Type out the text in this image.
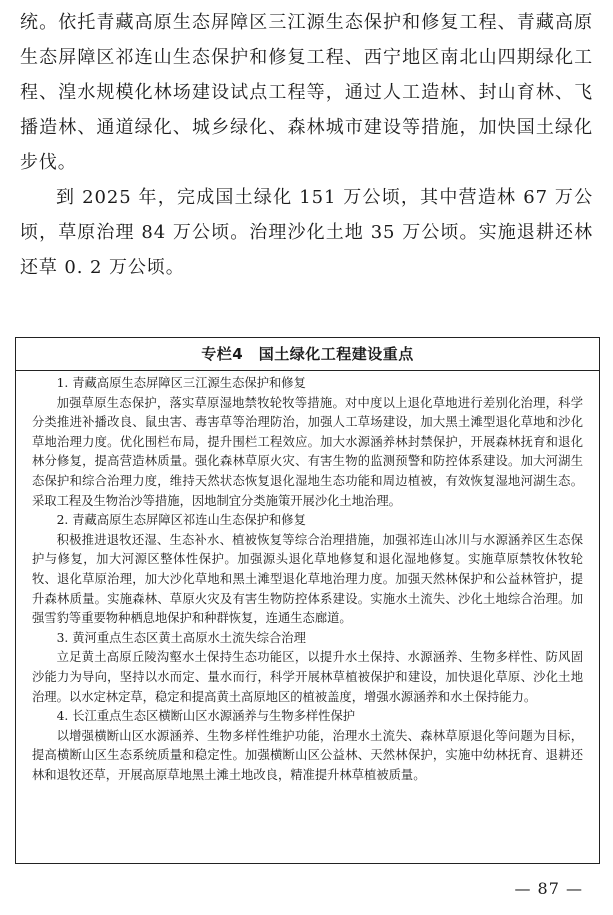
统。依托青藏高原生态屏障区三江源生态保护和修复工程、青藏高原生态屏障区祁连山生态保护和修复工程、西宁地区南北山四期绿化工程、湟水规模化林场建设试点工程等，通过人工造林、封山育林、飞播造林、通道绿化、城乡绿化、森林城市建设等措施，加快国土绿化步伐。

到 2025 年，完成国土绿化 151 万公顷，其中营造林 67 万公顷，草原治理 84 万公顷。治理沙化土地 35 万公顷。实施退耕还林还草 0. 2 万公顷。

专栏4　国土绿化工程建设重点

1. 青藏高原生态屏障区三江源生态保护和修复

加强草原生态保护，落实草原湿地禁牧轮牧等措施。对中度以上退化草地进行差别化治理，科学分类推进补播改良、鼠虫害、毒害草等治理防治，加强人工草场建设，加大黑土滩型退化草地和沙化草地治理力度。优化围栏布局，提升围栏工程效应。加大水源涵养林封禁保护，开展森林抚育和退化林分修复，提高营造林质量。强化森林草原火灾、有害生物的监测预警和防控体系建设。加大河湖生态保护和综合治理力度，维持天然状态恢复退化湿地生态功能和周边植被，有效恢复湿地河湖生态。采取工程及生物治沙等措施，因地制宜分类施策开展沙化土地治理。

2. 青藏高原生态屏障区祁连山生态保护和修复

积极推进退牧还湿、生态补水、植被恢复等综合治理措施，加强祁连山冰川与水源涵养区生态保护与修复，加大河源区整体性保护。加强源头退化草地修复和退化湿地修复。实施草原禁牧休牧轮牧、退化草原治理，加大沙化草地和黑土滩型退化草地治理力度。加强天然林保护和公益林管护，提升森林质量。实施森林、草原火灾及有害生物防控体系建设。实施水土流失、沙化土地综合治理。加强雪豹等重要物种栖息地保护和种群恢复，连通生态廊道。

3. 黄河重点生态区黄土高原水土流失综合治理

立足黄土高原丘陵沟壑水土保持生态功能区，以提升水土保持、水源涵养、生物多样性、防风固沙能力为导向，坚持以水而定、量水而行，科学开展林草植被保护和建设，加快退化草原、沙化土地治理。以水定林定草，稳定和提高黄土高原地区的植被盖度，增强水源涵养和水土保持能力。

4. 长江重点生态区横断山区水源涵养与生物多样性保护

以增强横断山区水源涵养、生物多样性维护功能，治理水土流失、森林草原退化等问题为目标，提高横断山区生态系统质量和稳定性。加强横断山区公益林、天然林保护，实施中幼林抚育、退耕还林和退牧还草，开展高原草地黑土滩土地改良，精准提升林草植被质量。

— 87 —
